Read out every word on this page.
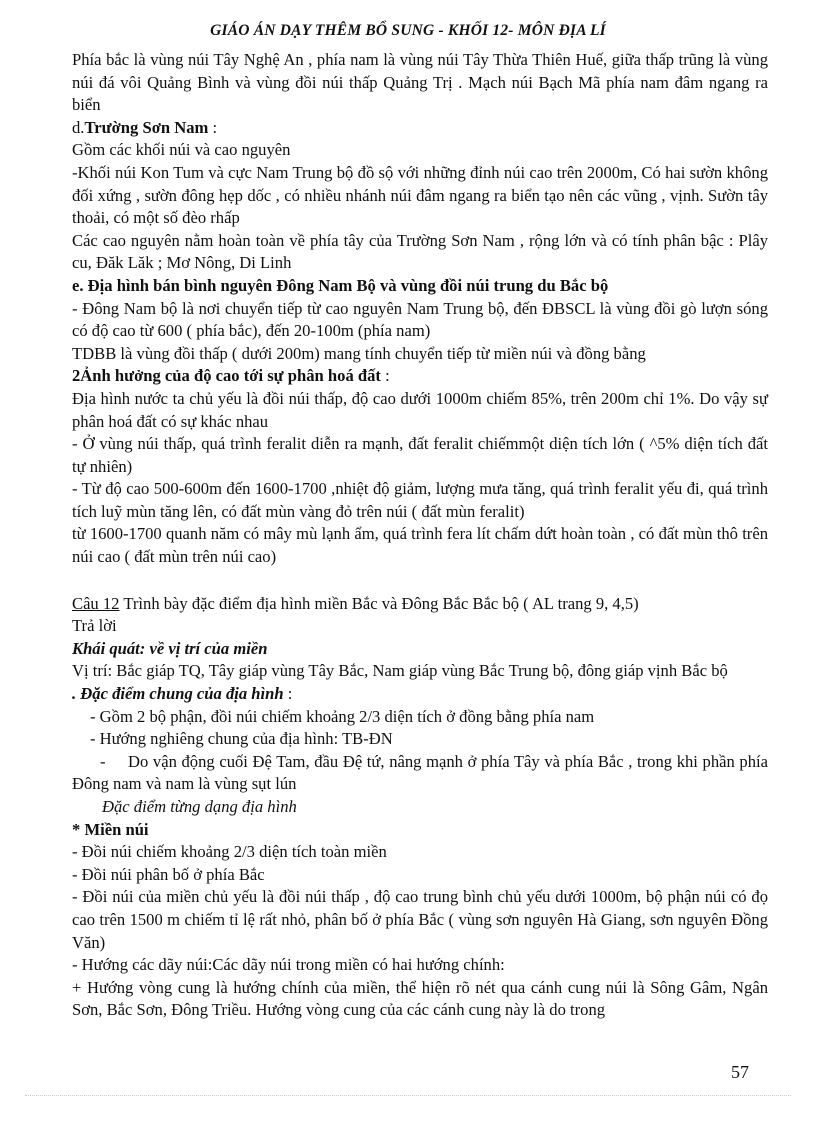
GIÁO ÁN DẠY THÊM BỔ SUNG - KHỐI 12- MÔN ĐỊA LÍ

Phía bắc là vùng núi Tây Nghệ An , phía nam là vùng núi Tây Thừa Thiên Huế, giữa thấp trũng là vùng núi đá vôi Quảng Bình và vùng đồi núi thấp Quảng Trị . Mạch núi Bạch Mã phía nam đâm ngang ra biển

d.Trường Sơn Nam :

Gồm các khối núi và cao nguyên

-Khối núi Kon Tum và cực Nam Trung bộ đồ sộ với những đỉnh núi cao trên 2000m, Có hai sườn không đối xứng , sườn đông hẹp dốc , có nhiều nhánh núi đâm ngang ra biển tạo nên các vũng , vịnh. Sườn tây thoải, có một số đèo rhấp

Các cao nguyên nằm hoàn toàn về phía tây của Trường Sơn Nam , rộng lớn và có tính phân bậc : Plây cu, Đăk Lăk ; Mơ Nông, Di Linh

e. Địa hình bán bình nguyên Đông Nam Bộ và vùng đồi núi trung du Bắc bộ

- Đông Nam bộ là nơi chuyển tiếp từ cao nguyên Nam Trung bộ, đến ĐBSCL là vùng đồi gò lượn sóng có độ cao từ 600 ( phía bắc), đến 20-100m (phía nam)

TDBB là vùng đồi thấp ( dưới 200m) mang tính chuyển tiếp từ miền núi và đồng bằng

2Ảnh hưởng của độ cao tới sự phân hoá đất :

Địa hình nước ta chủ yếu là đồi núi thấp, độ cao dưới 1000m chiếm 85%, trên 200m chỉ 1%. Do vậy sự phân hoá đất có sự khác nhau

- Ở vùng núi thấp, quá trình feralit diễn ra mạnh, đất feralit chiếmmột diện tích lớn ( ^5% diện tích đất tự nhiên)

- Từ độ cao 500-600m đến 1600-1700 ,nhiệt độ giảm, lượng mưa tăng, quá trình feralit yếu đi, quá trình tích luỹ mùn tăng lên, có đất mùn vàng đỏ trên núi ( đất mùn feralit)

từ 1600-1700 quanh năm có mây mù lạnh ẩm, quá trình fera lít chấm dứt hoàn toàn , có đất mùn thô trên núi cao ( đất mùn trên núi cao)

Câu 12 Trình bày đặc điểm địa hình miền Bắc và Đông Bắc Bắc bộ ( AL trang 9, 4,5)

Trả lời

Khái quát: về vị trí của miền

Vị trí: Bắc giáp TQ, Tây giáp vùng Tây Bắc, Nam giáp vùng Bắc Trung bộ, đông giáp vịnh Bắc bộ

. Đặc điểm chung của địa hình :

- Gồm 2 bộ phận, đồi núi chiếm khoảng 2/3 diện tích ở đồng bằng phía nam

- Hướng nghiêng chung của địa hình: TB-ĐN

- Do vận động cuối Đệ Tam, đầu Đệ tứ, nâng mạnh ở phía Tây và phía Bắc , trong khi phần phía Đông nam và nam là vùng sụt lún

Đặc điểm từng dạng địa hình

* Miền núi

- Đồi núi chiếm khoảng 2/3 diện tích toàn miền

- Đồi núi phân bố ở phía Bắc

- Đồi núi của miền chủ yếu là đồi núi thấp , độ cao trung bình chủ yếu dưới 1000m, bộ phận núi có đọ cao trên 1500 m chiếm tỉ lệ rất nhỏ, phân bố ở phía Bắc ( vùng sơn nguyên Hà Giang, sơn nguyên Đồng Văn)

- Hướng các dãy núi:Các dãy núi trong miền có hai hướng chính:

+ Hướng vòng cung là hướng chính của miền, thể hiện rõ nét qua cánh cung núi là Sông Gâm, Ngân Sơn, Bắc Sơn, Đông Triều. Hướng vòng cung của các cánh cung này là do trong

57
